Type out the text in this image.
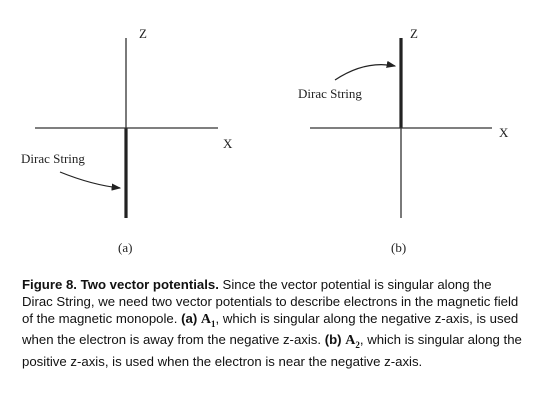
Z
X
Dirac String
(a)
Z
X
Dirac String
(b)

Figure 8. Two vector potentials. Since the vector potential is singular along the Dirac String, we need two vector potentials to describe electrons in the magnetic field of the magnetic monopole. (a) $A_1$, which is singular along the negative z-axis, is used when the electron is away from the negative z-axis. (b) $A_2$, which is singular along the positive z-axis, is used when the electron is near the negative z-axis.
